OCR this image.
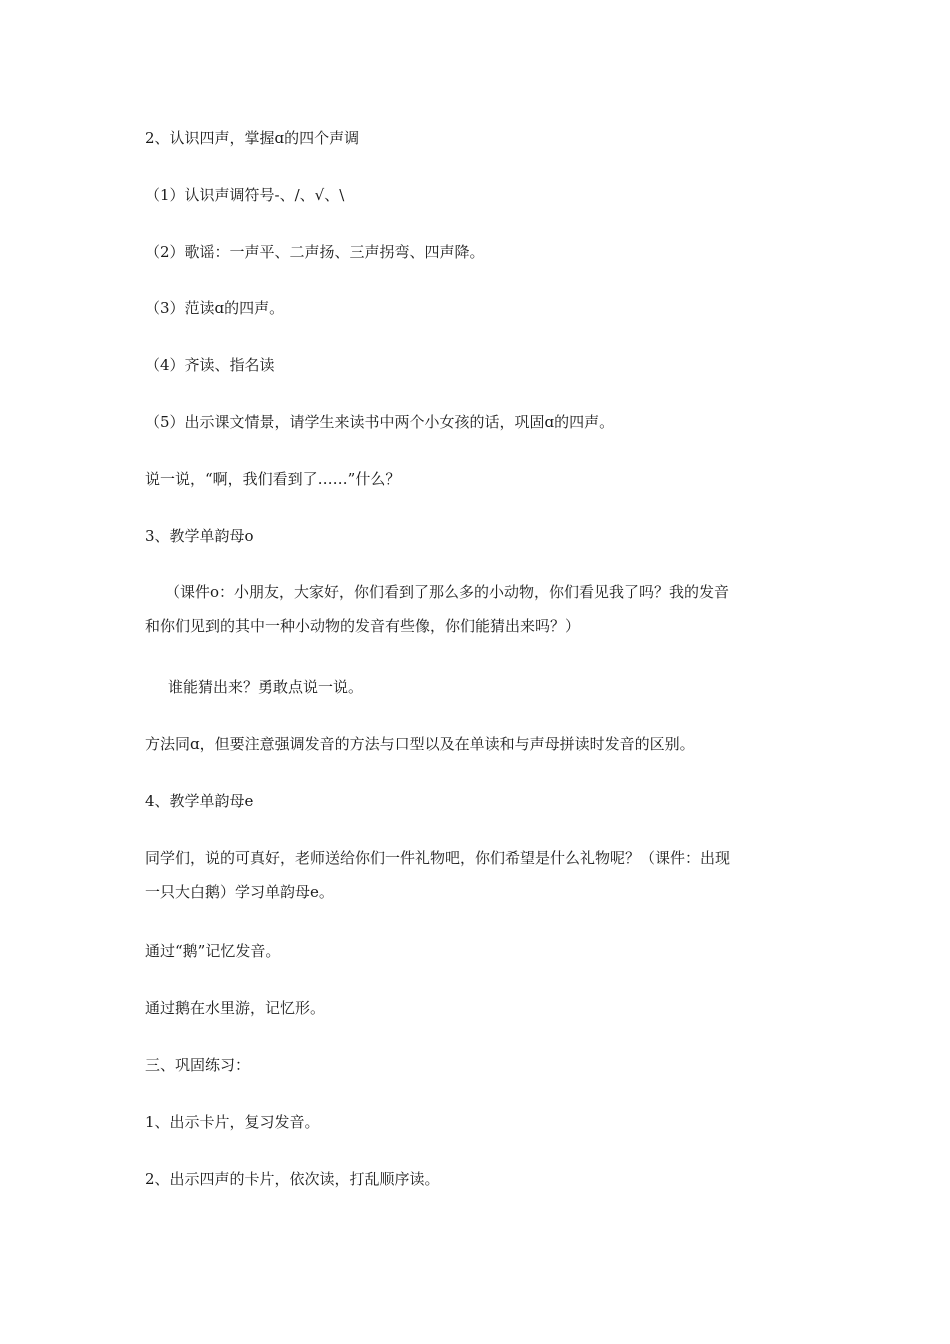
2、认识四声，掌握ɑ的四个声调
（1）认识声调符号-、/、√、\
（2）歌谣：一声平、二声扬、三声拐弯、四声降。
（3）范读ɑ的四声。
（4）齐读、指名读
（5）出示课文情景，请学生来读书中两个小女孩的话，巩固ɑ的四声。
说一说，“啊，我们看到了……”什么？
3、教学单韵母o
（课件o：小朋友，大家好，你们看到了那么多的小动物，你们看见我了吗？我的发音
和你们见到的其中一种小动物的发音有些像，你们能猜出来吗？）
谁能猜出来？勇敢点说一说。
方法同ɑ，但要注意强调发音的方法与口型以及在单读和与声母拼读时发音的区别。
4、教学单韵母e
同学们，说的可真好，老师送给你们一件礼物吧，你们希望是什么礼物呢？（课件：出现
一只大白鹅）学习单韵母e。
通过“鹅”记忆发音。
通过鹅在水里游，记忆形。
三、巩固练习：
1、出示卡片，复习发音。
2、出示四声的卡片，依次读，打乱顺序读。
